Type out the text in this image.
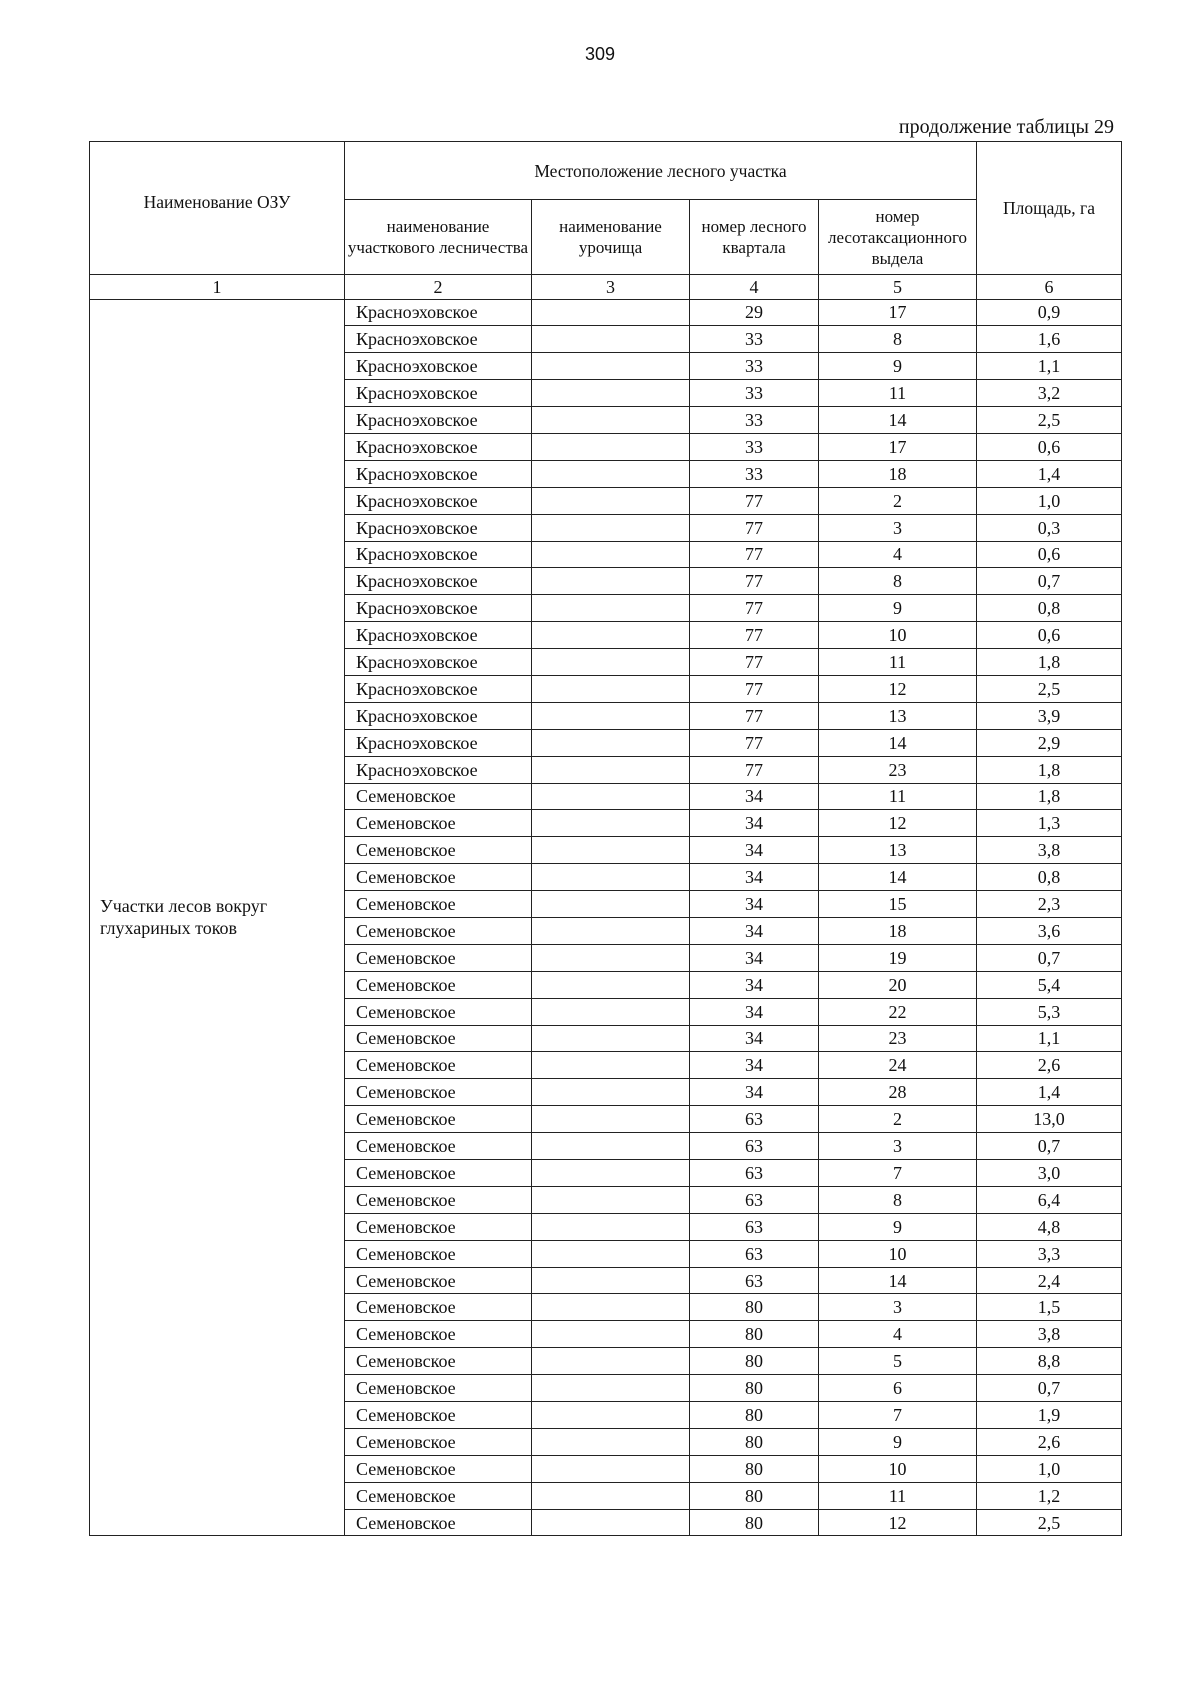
309
продолжение таблицы 29
Наименование ОЗУ	Местоположение лесного участка				Площадь, га
	наименование участкового лесничества	наименование урочища	номер лесного квартала	номер лесотаксационного выдела	
1	2	3	4	5	6
Участки лесов вокруг глухариных токов	Красноэховское		29	17	0,9
	Красноэховское		33	8	1,6
	Красноэховское		33	9	1,1
	Красноэховское		33	11	3,2
	Красноэховское		33	14	2,5
	Красноэховское		33	17	0,6
	Красноэховское		33	18	1,4
	Красноэховское		77	2	1,0
	Красноэховское		77	3	0,3
	Красноэховское		77	4	0,6
	Красноэховское		77	8	0,7
	Красноэховское		77	9	0,8
	Красноэховское		77	10	0,6
	Красноэховское		77	11	1,8
	Красноэховское		77	12	2,5
	Красноэховское		77	13	3,9
	Красноэховское		77	14	2,9
	Красноэховское		77	23	1,8
	Семеновское		34	11	1,8
	Семеновское		34	12	1,3
	Семеновское		34	13	3,8
	Семеновское		34	14	0,8
	Семеновское		34	15	2,3
	Семеновское		34	18	3,6
	Семеновское		34	19	0,7
	Семеновское		34	20	5,4
	Семеновское		34	22	5,3
	Семеновское		34	23	1,1
	Семеновское		34	24	2,6
	Семеновское		34	28	1,4
	Семеновское		63	2	13,0
	Семеновское		63	3	0,7
	Семеновское		63	7	3,0
	Семеновское		63	8	6,4
	Семеновское		63	9	4,8
	Семеновское		63	10	3,3
	Семеновское		63	14	2,4
	Семеновское		80	3	1,5
	Семеновское		80	4	3,8
	Семеновское		80	5	8,8
	Семеновское		80	6	0,7
	Семеновское		80	7	1,9
	Семеновское		80	9	2,6
	Семеновское		80	10	1,0
	Семеновское		80	11	1,2
	Семеновское		80	12	2,5
